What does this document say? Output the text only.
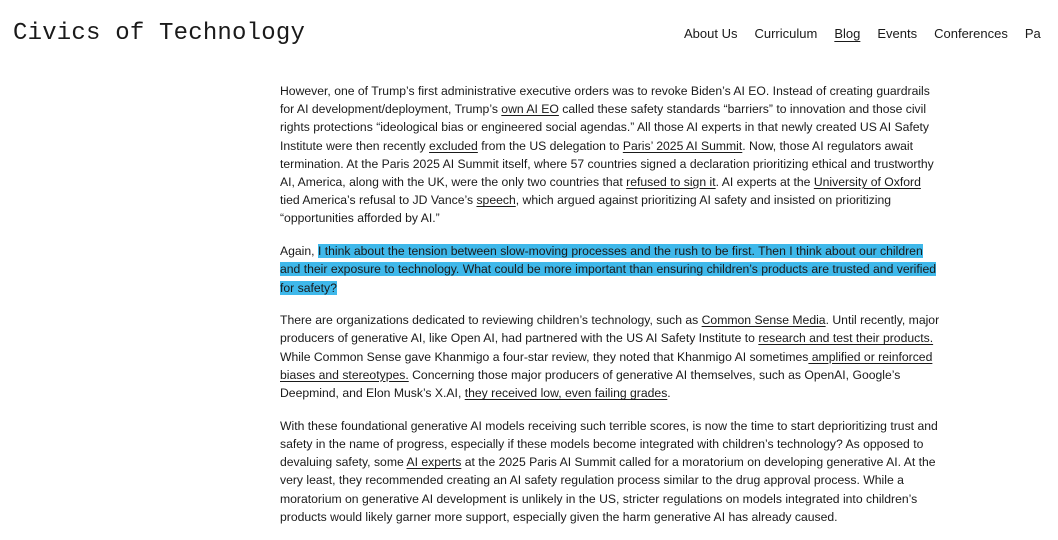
Civics of Technology	About Us Curriculum Blog Events Conferences Pa

However, one of Trump’s first administrative executive orders was to revoke Biden’s AI EO. Instead of creating guardrails for AI development/deployment, Trump’s own AI EO called these safety standards “barriers” to innovation and those civil rights protections “ideological bias or engineered social agendas.” All those AI experts in that newly created US AI Safety Institute were then recently excluded from the US delegation to Paris’ 2025 AI Summit. Now, those AI regulators await termination. At the Paris 2025 AI Summit itself, where 57 countries signed a declaration prioritizing ethical and trustworthy AI, America, along with the UK, were the only two countries that refused to sign it. AI experts at the University of Oxford tied America’s refusal to JD Vance’s speech, which argued against prioritizing AI safety and insisted on prioritizing “opportunities afforded by AI.”

Again, I think about the tension between slow-moving processes and the rush to be first. Then I think about our children and their exposure to technology. What could be more important than ensuring children’s products are trusted and verified for safety?

There are organizations dedicated to reviewing children’s technology, such as Common Sense Media. Until recently, major producers of generative AI, like Open AI, had partnered with the US AI Safety Institute to research and test their products. While Common Sense gave Khanmigo a four-star review, they noted that Khanmigo AI sometimes amplified or reinforced biases and stereotypes. Concerning those major producers of generative AI themselves, such as OpenAI, Google’s Deepmind, and Elon Musk’s X.AI, they received low, even failing grades.

With these foundational generative AI models receiving such terrible scores, is now the time to start deprioritizing trust and safety in the name of progress, especially if these models become integrated with children’s technology? As opposed to devaluing safety, some AI experts at the 2025 Paris AI Summit called for a moratorium on developing generative AI. At the very least, they recommended creating an AI safety regulation process similar to the drug approval process. While a moratorium on generative AI development is unlikely in the US, stricter regulations on models integrated into children’s products would likely garner more support, especially given the harm generative AI has already caused.
